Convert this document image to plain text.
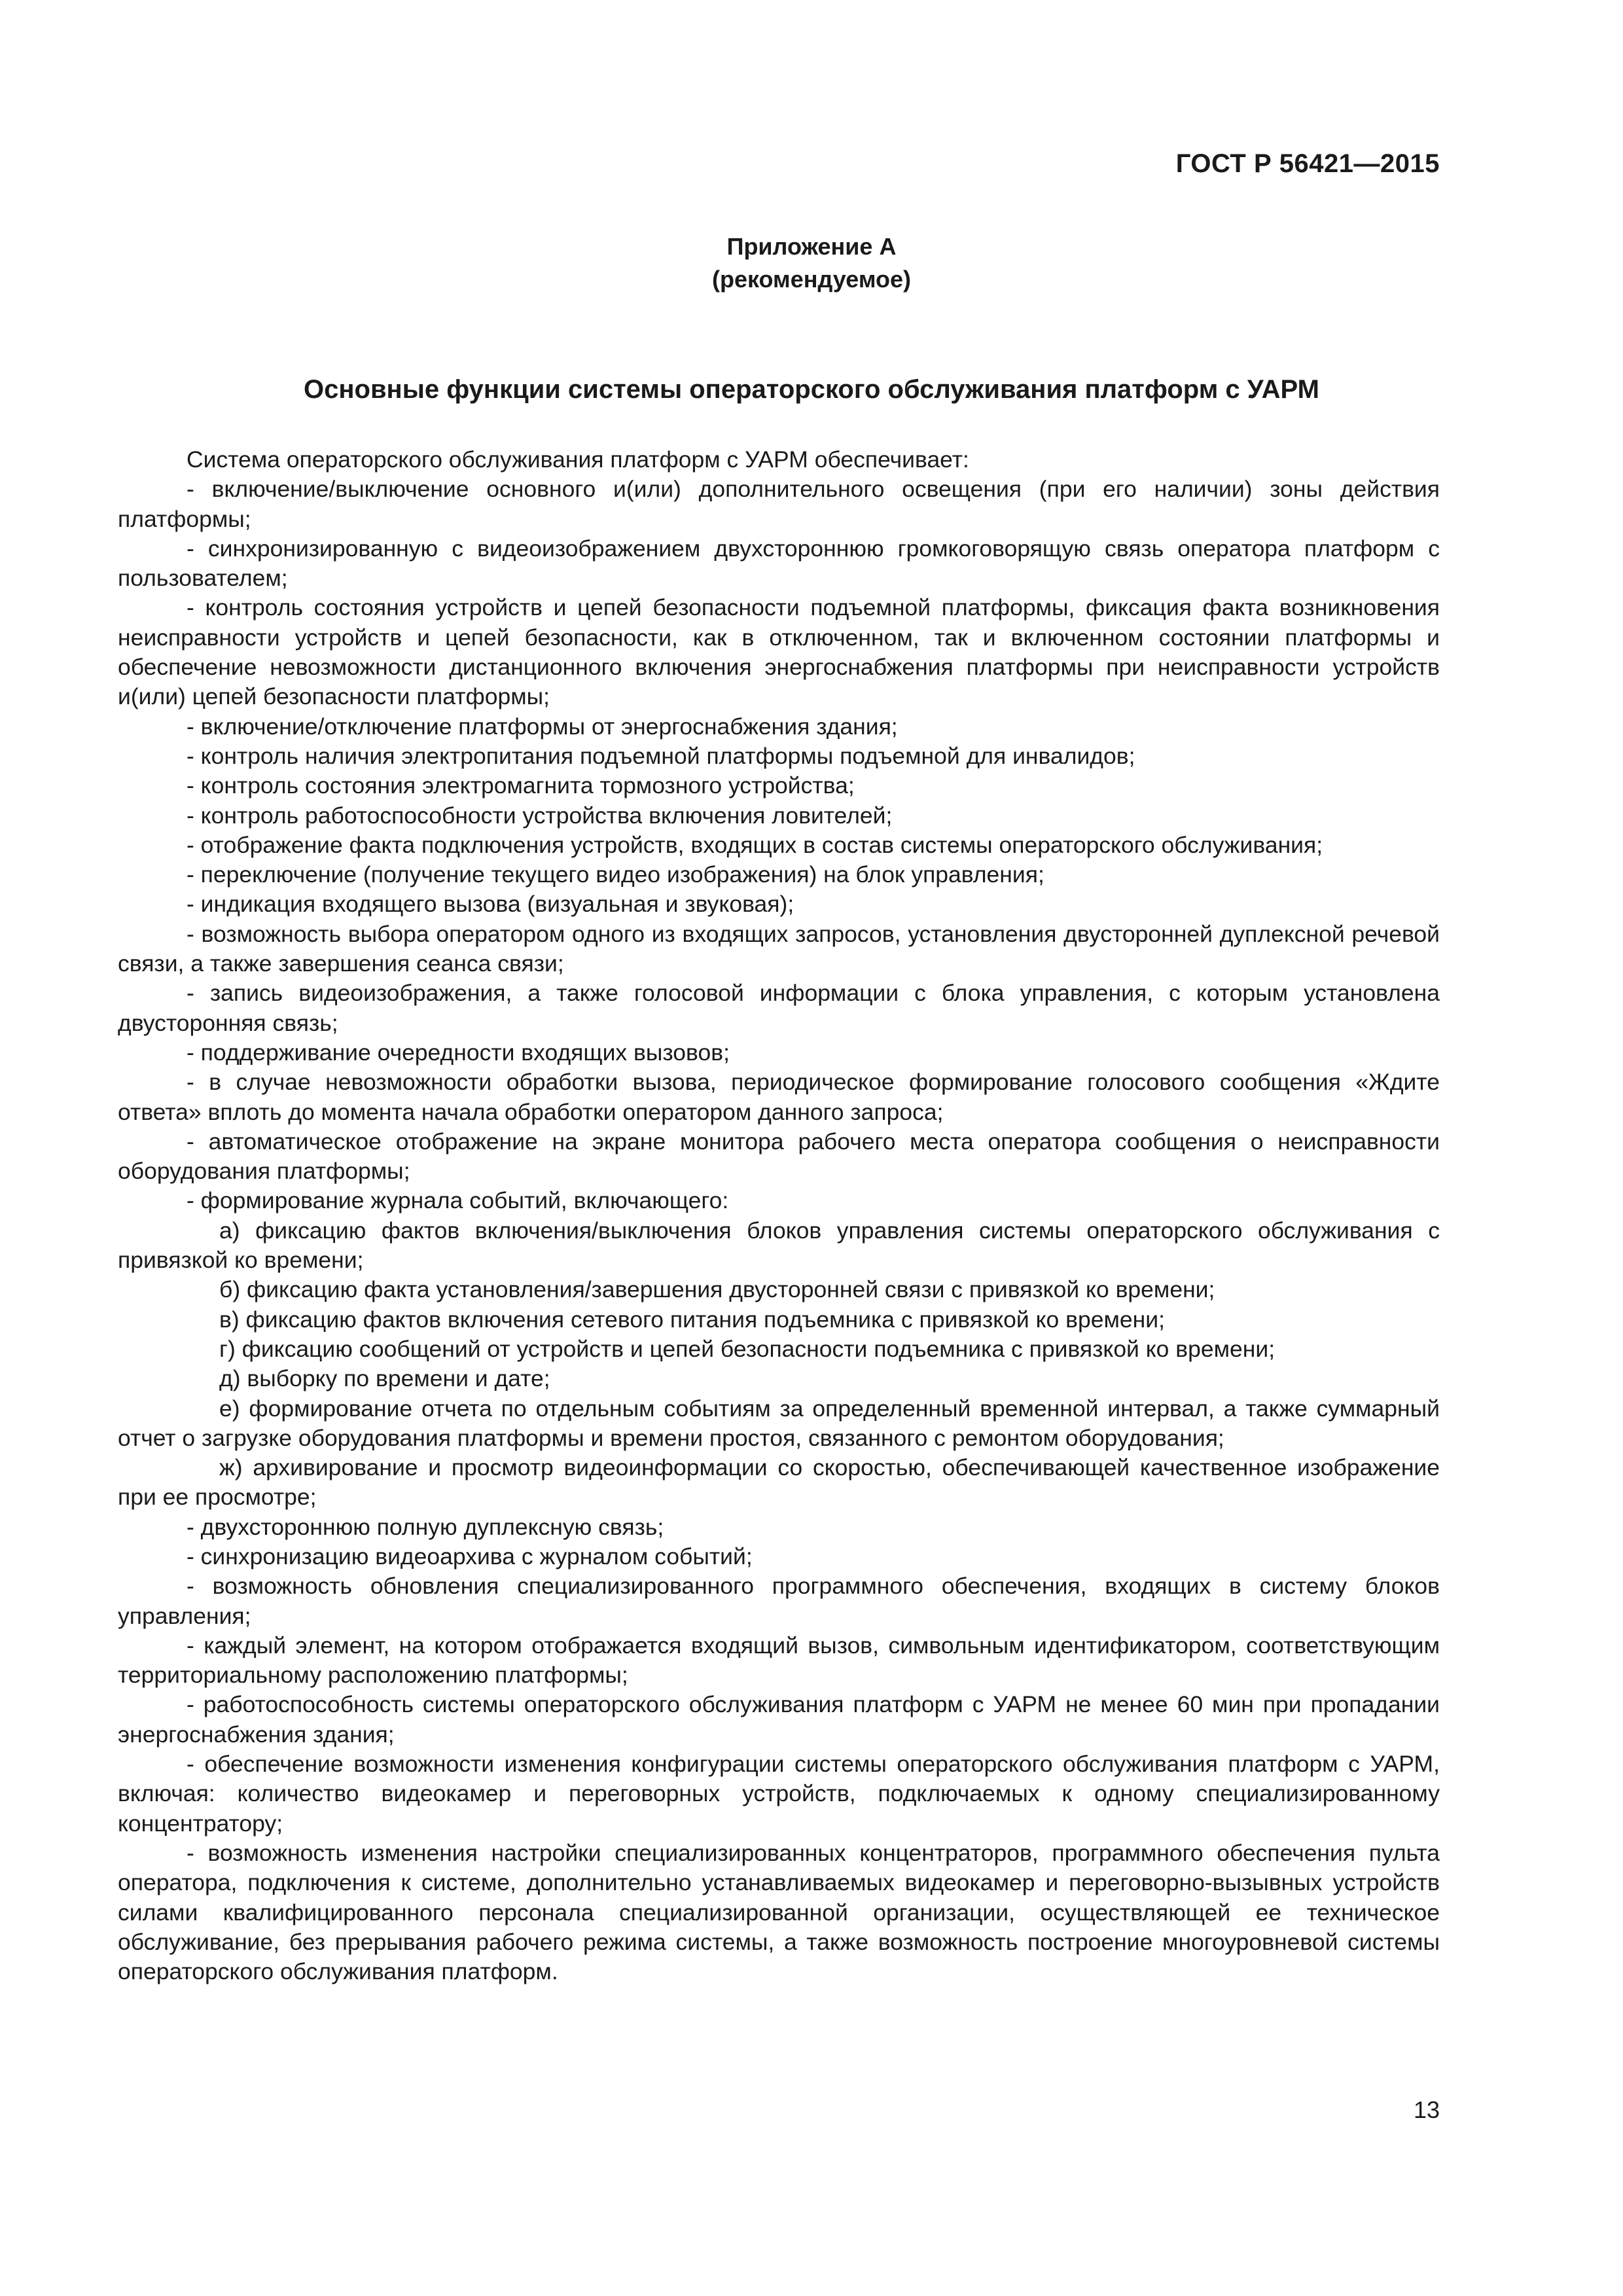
ГОСТ Р 56421—2015
Приложение А
(рекомендуемое)
Основные функции системы операторского обслуживания платформ с УАРМ

Система операторского обслуживания платформ с УАРМ обеспечивает:

- включение/выключение основного и(или) дополнительного освещения (при его наличии) зоны действия платформы;

- синхронизированную с видеоизображением двухстороннюю громкоговорящую связь оператора платформ с пользователем;

- контроль состояния устройств и цепей безопасности подъемной платформы, фиксация факта возникновения неисправности устройств и цепей безопасности, как в отключенном, так и включенном состоянии платформы и обеспечение невозможности дистанционного включения энергоснабжения платформы при неисправности устройств и(или) цепей безопасности платформы;

- включение/отключение платформы от энергоснабжения здания;

- контроль наличия электропитания подъемной платформы подъемной для инвалидов;

- контроль состояния электромагнита тормозного устройства;

- контроль работоспособности устройства включения ловителей;

- отображение факта подключения устройств, входящих в состав системы операторского обслуживания;

- переключение (получение текущего видео изображения) на блок управления;

- индикация входящего вызова (визуальная и звуковая);

- возможность выбора оператором одного из входящих запросов, установления двусторонней дуплексной речевой связи, а также завершения сеанса связи;

- запись видеоизображения, а также голосовой информации с блока управления, с которым установлена двусторонняя связь;

- поддерживание очередности входящих вызовов;

- в случае невозможности обработки вызова, периодическое формирование голосового сообщения «Ждите ответа» вплоть до момента начала обработки оператором данного запроса;

- автоматическое отображение на экране монитора рабочего места оператора сообщения о неисправности оборудования платформы;

- формирование журнала событий, включающего:

а) фиксацию фактов включения/выключения блоков управления системы операторского обслуживания с привязкой ко времени;

б) фиксацию факта установления/завершения двусторонней связи с привязкой ко времени;

в) фиксацию фактов включения сетевого питания подъемника с привязкой ко времени;

г) фиксацию сообщений от устройств и цепей безопасности подъемника с привязкой ко времени;

д) выборку по времени и дате;

е) формирование отчета по отдельным событиям за определенный временной интервал, а также суммарный отчет о загрузке оборудования платформы и времени простоя, связанного с ремонтом оборудования;

ж) архивирование и просмотр видеоинформации со скоростью, обеспечивающей качественное изображение при ее просмотре;

- двухстороннюю полную дуплексную связь;

- синхронизацию видеоархива с журналом событий;

- возможность обновления специализированного программного обеспечения, входящих в систему блоков управления;

- каждый элемент, на котором отображается входящий вызов, символьным идентификатором, соответствующим территориальному расположению платформы;

- работоспособность системы операторского обслуживания платформ с УАРМ не менее 60 мин при пропадании энергоснабжения здания;

- обеспечение возможности изменения конфигурации системы операторского обслуживания платформ с УАРМ, включая: количество видеокамер и переговорных устройств, подключаемых к одному специализированному концентратору;

- возможность изменения настройки специализированных концентраторов, программного обеспечения пульта оператора, подключения к системе, дополнительно устанавливаемых видеокамер и переговорно-вызывных устройств силами квалифицированного персонала специализированной организации, осуществляющей ее техническое обслуживание, без прерывания рабочего режима системы, а также возможность построение многоуровневой системы операторского обслуживания платформ.

13
